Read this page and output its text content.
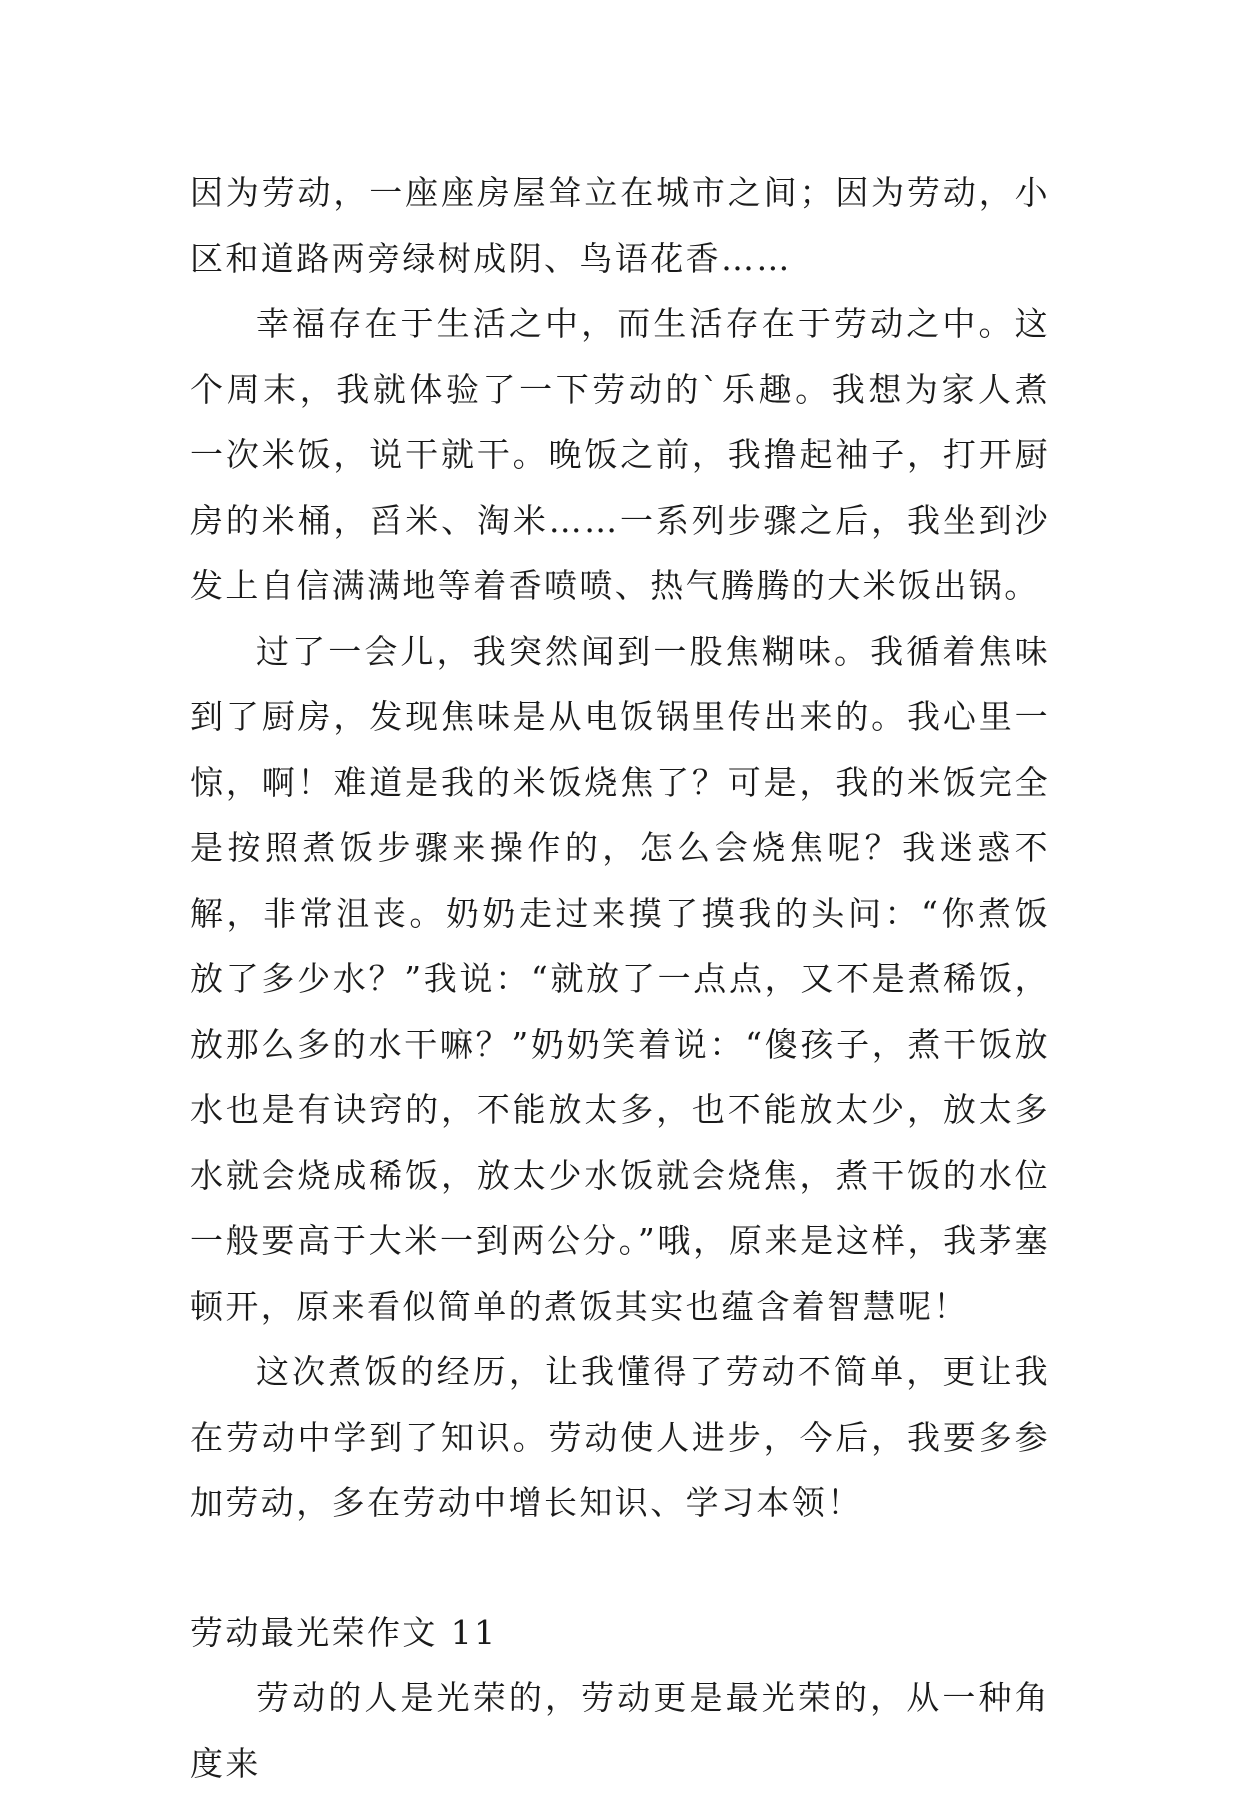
因为劳动，一座座房屋耸立在城市之间；因为劳动，小区和道路两旁绿树成阴、鸟语花香……

幸福存在于生活之中，而生活存在于劳动之中。这个周末，我就体验了一下劳动的`乐趣。我想为家人煮一次米饭，说干就干。晚饭之前，我撸起袖子，打开厨房的米桶，舀米、淘米……一系列步骤之后，我坐到沙发上自信满满地等着香喷喷、热气腾腾的大米饭出锅。

过了一会儿，我突然闻到一股焦糊味。我循着焦味到了厨房，发现焦味是从电饭锅里传出来的。我心里一惊，啊！难道是我的米饭烧焦了？可是，我的米饭完全是按照煮饭步骤来操作的，怎么会烧焦呢？我迷惑不解，非常沮丧。奶奶走过来摸了摸我的头问：“你煮饭放了多少水？”我说：“就放了一点点，又不是煮稀饭，放那么多的水干嘛？”奶奶笑着说：“傻孩子，煮干饭放水也是有诀窍的，不能放太多，也不能放太少，放太多水就会烧成稀饭，放太少水饭就会烧焦，煮干饭的水位一般要高于大米一到两公分。”哦，原来是这样，我茅塞顿开，原来看似简单的煮饭其实也蕴含着智慧呢！

这次煮饭的经历，让我懂得了劳动不简单，更让我在劳动中学到了知识。劳动使人进步，今后，我要多参加劳动，多在劳动中增长知识、学习本领！

劳动最光荣作文 11

劳动的人是光荣的，劳动更是最光荣的，从一种角度来
